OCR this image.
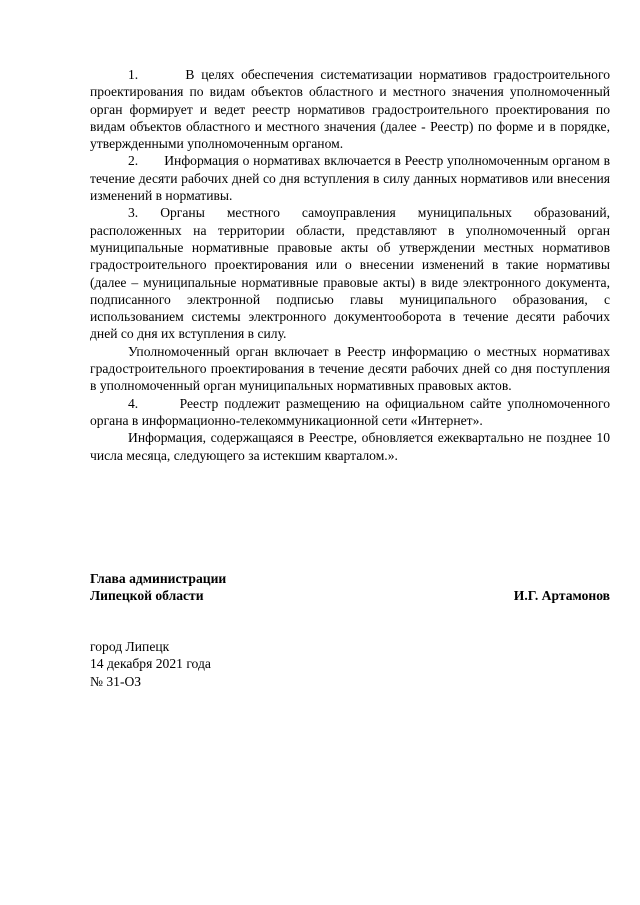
1.       В целях обеспечения систематизации нормативов градостроительного проектирования по видам объектов областного и местного значения уполномоченный орган формирует и ведет реестр нормативов градостроительного проектирования по видам объектов областного и местного значения (далее - Реестр) по форме и в порядке, утвержденными уполномоченным органом.

2.       Информация о нормативах включается в Реестр уполномоченным органом в течение десяти рабочих дней со дня вступления в силу данных нормативов или внесения изменений в нормативы.

3. Органы местного самоуправления муниципальных образований, расположенных на территории области, представляют в уполномоченный орган муниципальные нормативные правовые акты об утверждении местных нормативов градостроительного проектирования или о внесении изменений в такие нормативы (далее – муниципальные нормативные правовые акты) в виде электронного документа, подписанного электронной подписью главы муниципального образования, с использованием системы электронного документооборота в течение десяти рабочих дней со дня их вступления в силу.

Уполномоченный орган включает в Реестр информацию о местных нормативах градостроительного проектирования в течение десяти рабочих дней со дня поступления в уполномоченный орган муниципальных нормативных правовых актов.

4.       Реестр подлежит размещению на официальном сайте уполномоченного органа в информационно-телекоммуникационной сети «Интернет».

Информация, содержащаяся в Реестре, обновляется ежеквартально не позднее 10 числа месяца, следующего за истекшим кварталом.».

Глава администрации
Липецкой области	И.Г. Артамонов
город Липецк
14 декабря 2021 года
№ 31-ОЗ
